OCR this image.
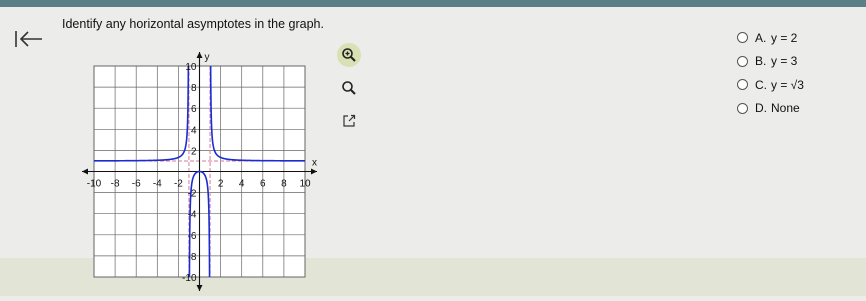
Identify any horizontal asymptotes in the graph.
-10 -8 -6 -4 -2	2 4 6 8 10
10
8
6
4
2
-2
-4
-6
-8
-10
x
y
A. y = 2
B. y = 3
C. y = √3
D. None
